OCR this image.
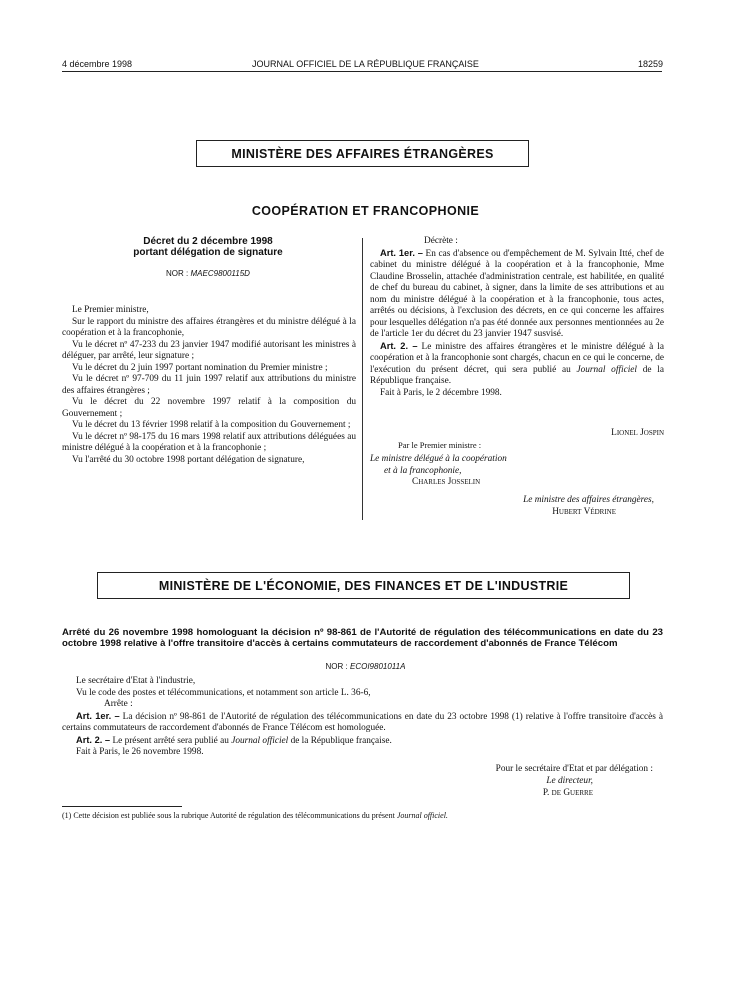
4 décembre 1998	JOURNAL OFFICIEL DE LA RÉPUBLIQUE FRANÇAISE	18259
MINISTÈRE DES AFFAIRES ÉTRANGÈRES
COOPÉRATION ET FRANCOPHONIE
Décret du 2 décembre 1998
portant délégation de signature
NOR : MAEC9800115D

Le Premier ministre,

Sur le rapport du ministre des affaires étrangères et du ministre délégué à la coopération et à la francophonie,

Vu le décret nº 47-233 du 23 janvier 1947 modifié autorisant les ministres à déléguer, par arrêté, leur signature ;

Vu le décret du 2 juin 1997 portant nomination du Premier ministre ;

Vu le décret nº 97-709 du 11 juin 1997 relatif aux attributions du ministre des affaires étrangères ;

Vu le décret du 22 novembre 1997 relatif à la composition du Gouvernement ;

Vu le décret du 13 février 1998 relatif à la composition du Gouvernement ;

Vu le décret nº 98-175 du 16 mars 1998 relatif aux attributions déléguées au ministre délégué à la coopération et à la francophonie ;

Vu l'arrêté du 30 octobre 1998 portant délégation de signature,

Décrète :

Art. 1er. – En cas d'absence ou d'empêchement de M. Sylvain Itté, chef de cabinet du ministre délégué à la coopération et à la francophonie, Mme Claudine Brosselin, attachée d'administration centrale, est habilitée, en qualité de chef du bureau du cabinet, à signer, dans la limite de ses attributions et au nom du ministre délégué à la coopération et à la francophonie, tous actes, arrêtés ou décisions, à l'exclusion des décrets, en ce qui concerne les affaires pour lesquelles délégation n'a pas été donnée aux personnes mentionnées au 2e de l'article 1er du décret du 23 janvier 1947 susvisé.

Art. 2. – Le ministre des affaires étrangères et le ministre délégué à la coopération et à la francophonie sont chargés, chacun en ce qui le concerne, de l'exécution du présent décret, qui sera publié au Journal officiel de la République française.

Fait à Paris, le 2 décembre 1998.

Lionel Jospin
Par le Premier ministre :
Le ministre délégué à la coopération
et à la francophonie,
Charles Josselin
Le ministre des affaires étrangères,
Hubert Védrine
MINISTÈRE DE L'ÉCONOMIE, DES FINANCES ET DE L'INDUSTRIE
Arrêté du 26 novembre 1998 homologuant la décision nº 98-861 de l'Autorité de régulation des télécommunications en date du 23 octobre 1998 relative à l'offre transitoire d'accès à certains commutateurs de raccordement d'abonnés de France Télécom
NOR : ECOI9801011A

Le secrétaire d'Etat à l'industrie,

Vu le code des postes et télécommunications, et notamment son article L. 36-6,

Arrête :

Art. 1er. – La décision nº 98-861 de l'Autorité de régulation des télécommunications en date du 23 octobre 1998 (1) relative à l'offre transitoire d'accès à certains commutateurs de raccordement d'abonnés de France Télécom est homologuée.

Art. 2. – Le présent arrêté sera publié au Journal officiel de la République française.

Fait à Paris, le 26 novembre 1998.

Pour le secrétaire d'Etat et par délégation :
Le directeur,
P. de Guerre
(1) Cette décision est publiée sous la rubrique Autorité de régulation des télécommunications du présent Journal officiel.
